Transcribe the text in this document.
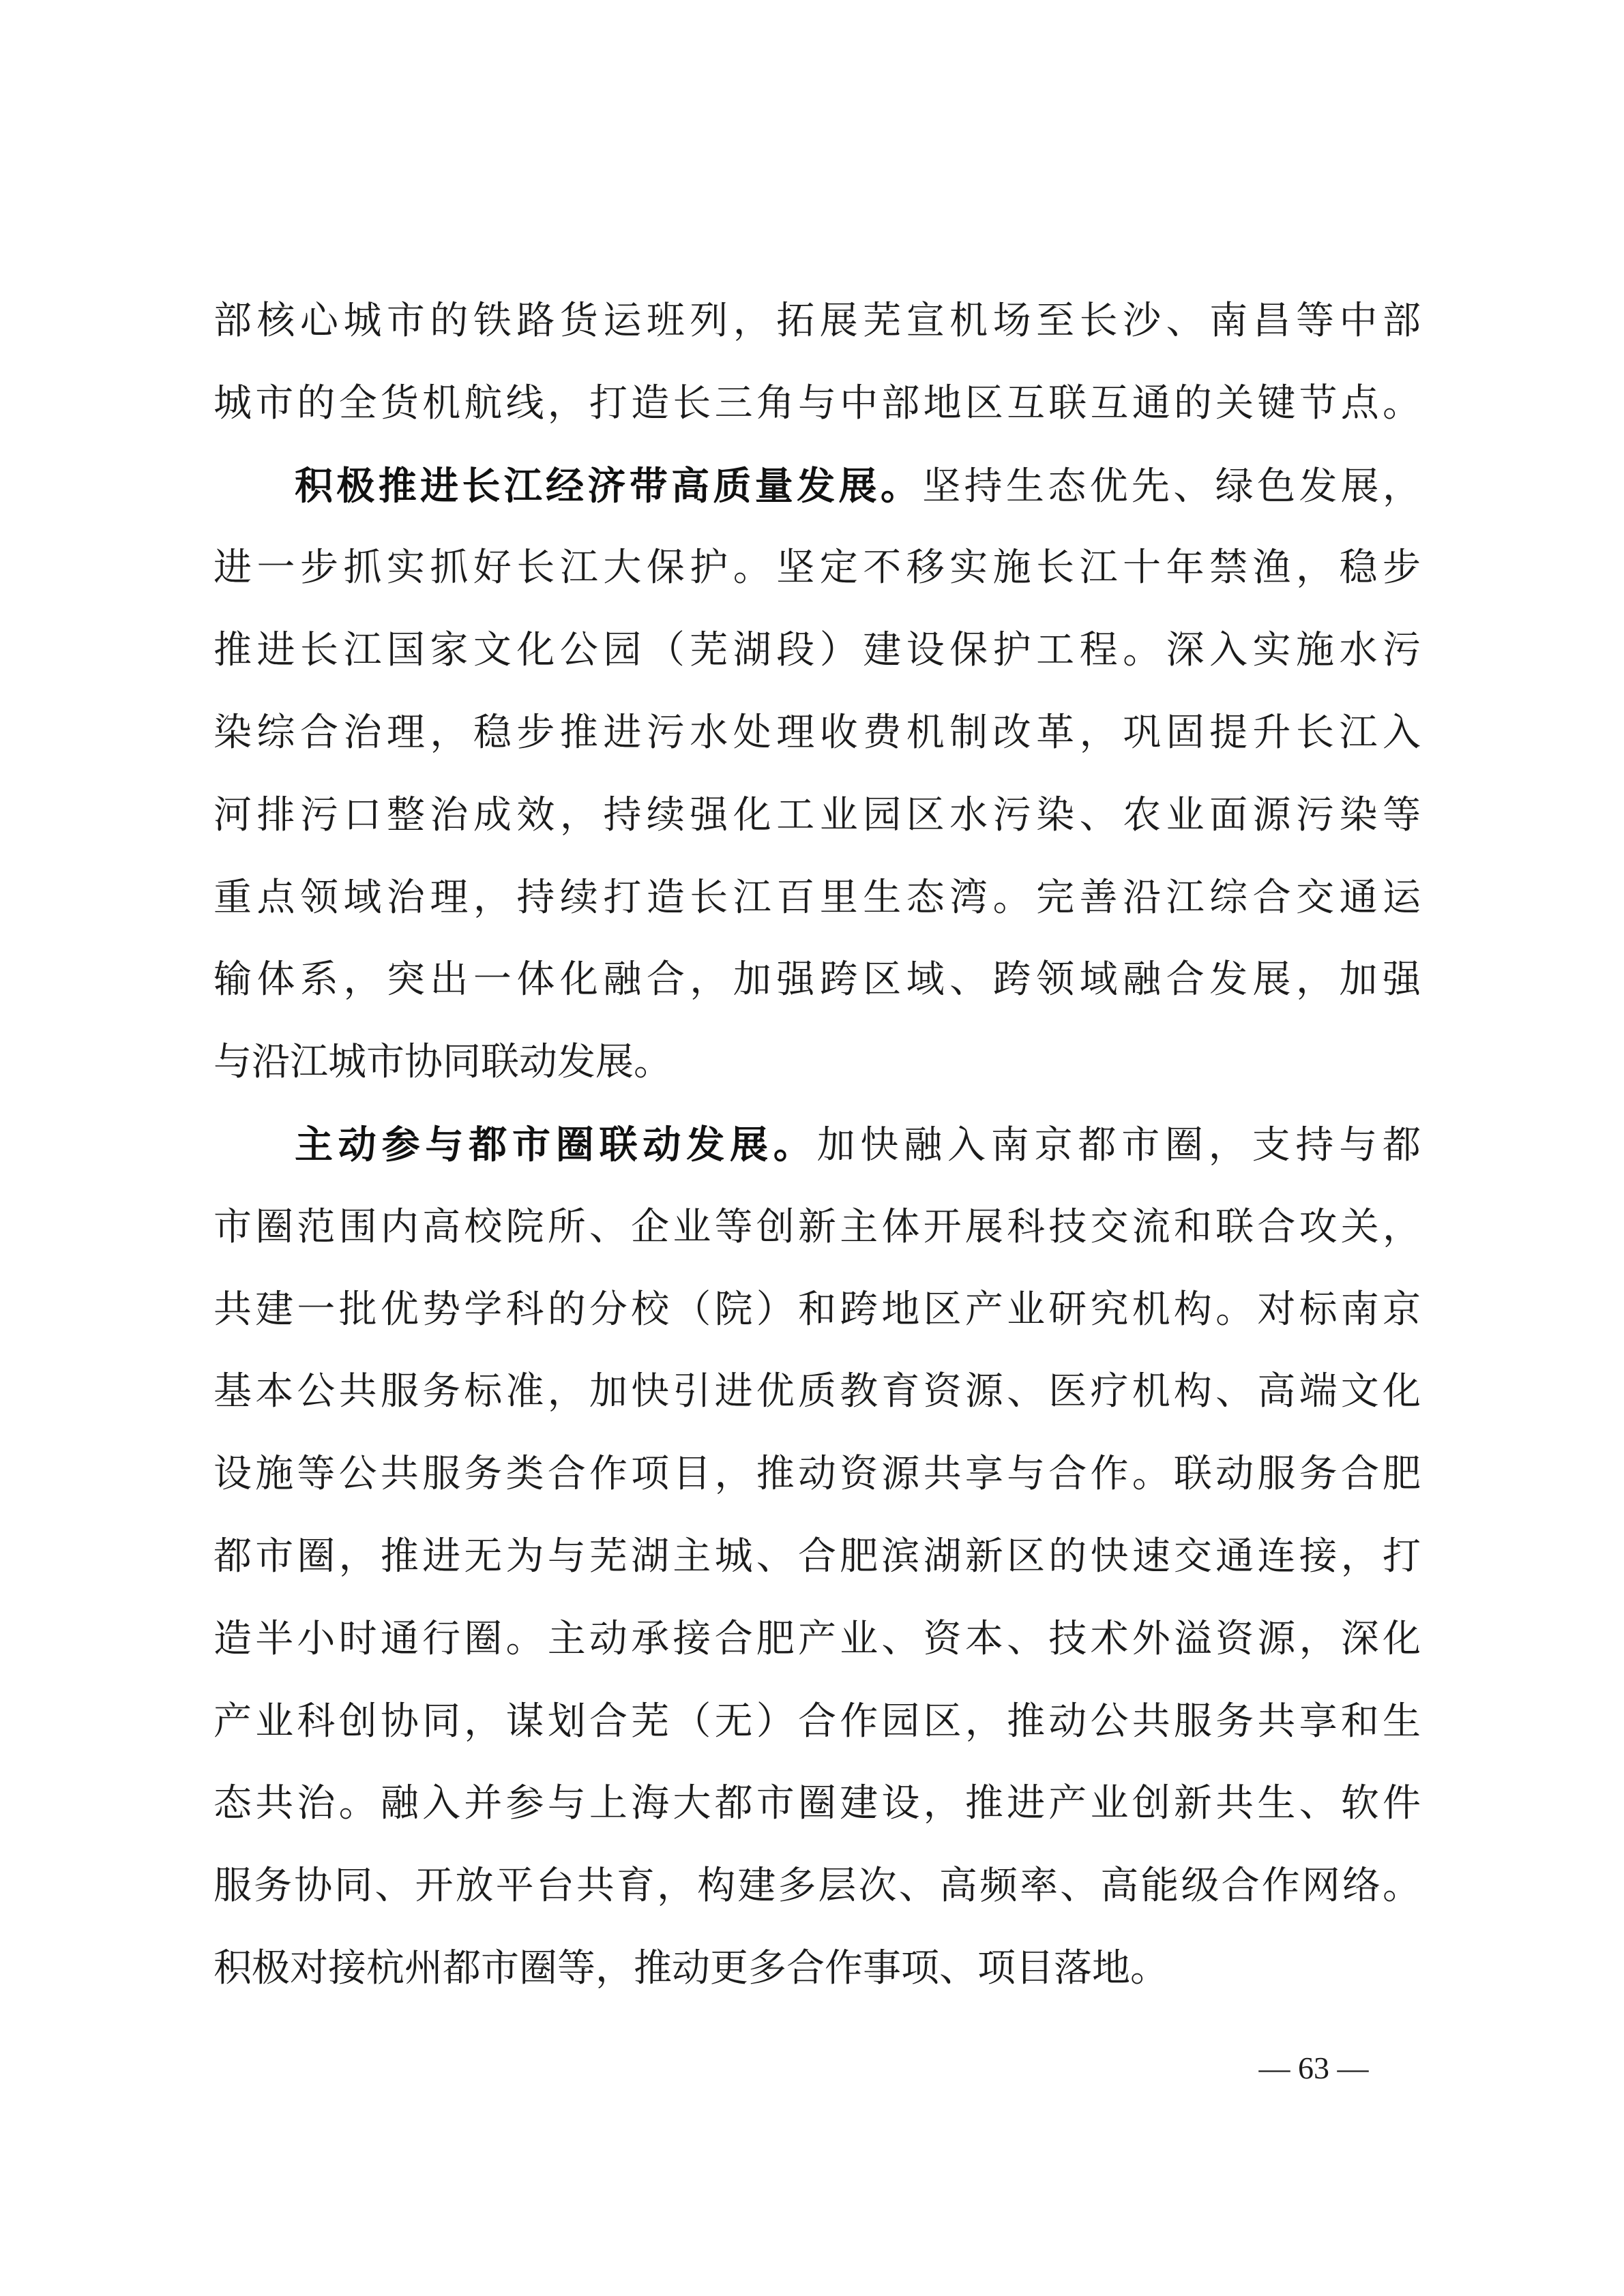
部核心城市的铁路货运班列，拓展芜宣机场至长沙、南昌等中部
城市的全货机航线，打造长三角与中部地区互联互通的关键节点。
积极推进长江经济带高质量发展。坚持生态优先、绿色发展，
进一步抓实抓好长江大保护。坚定不移实施长江十年禁渔，稳步
推进长江国家文化公园（芜湖段）建设保护工程。深入实施水污
染综合治理，稳步推进污水处理收费机制改革，巩固提升长江入
河排污口整治成效，持续强化工业园区水污染、农业面源污染等
重点领域治理，持续打造长江百里生态湾。完善沿江综合交通运
输体系，突出一体化融合，加强跨区域、跨领域融合发展，加强
与沿江城市协同联动发展。
主动参与都市圈联动发展。加快融入南京都市圈，支持与都
市圈范围内高校院所、企业等创新主体开展科技交流和联合攻关，
共建一批优势学科的分校（院）和跨地区产业研究机构。对标南京
基本公共服务标准，加快引进优质教育资源、医疗机构、高端文化
设施等公共服务类合作项目，推动资源共享与合作。联动服务合肥
都市圈，推进无为与芜湖主城、合肥滨湖新区的快速交通连接，打
造半小时通行圈。主动承接合肥产业、资本、技术外溢资源，深化
产业科创协同，谋划合芜（无）合作园区，推动公共服务共享和生
态共治。融入并参与上海大都市圈建设，推进产业创新共生、软件
服务协同、开放平台共育，构建多层次、高频率、高能级合作网络。
积极对接杭州都市圈等，推动更多合作事项、项目落地。
— 63 —
